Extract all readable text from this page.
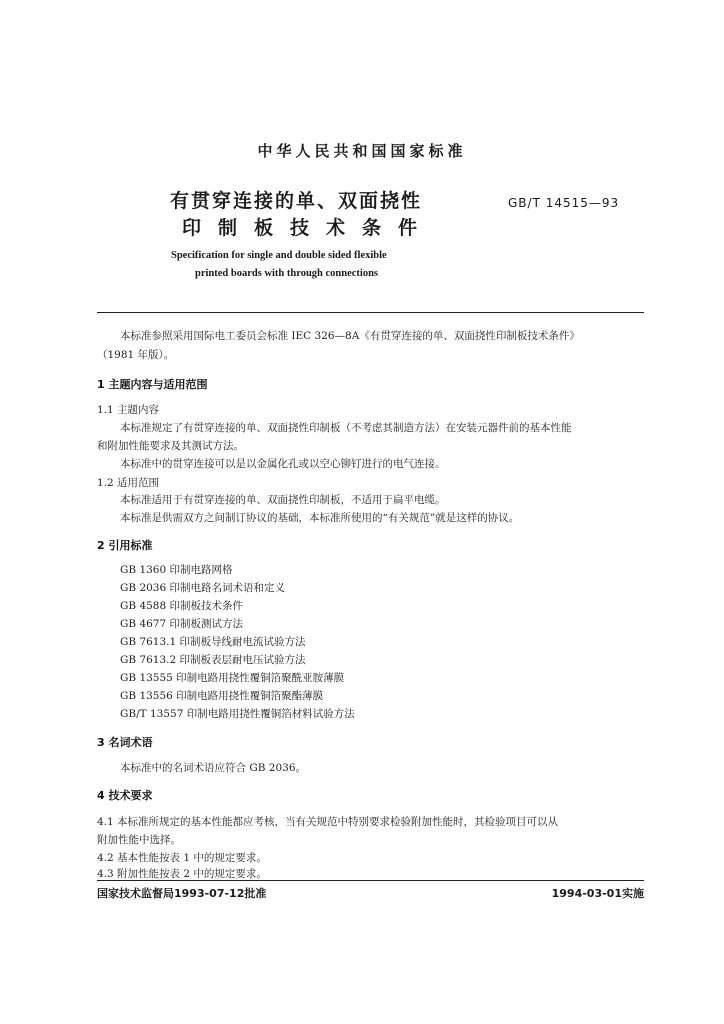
中华人民共和国国家标准
有贯穿连接的单、双面挠性
印制板技术条件
GB/T 14515—93
Specification for single and double sided flexible
printed boards with through connections
本标准参照采用国际电工委员会标准 IEC 326—8A《有贯穿连接的单、双面挠性印制板技术条件》
（1981 年版）。
1 主题内容与适用范围
1.1 主题内容
本标准规定了有贯穿连接的单、双面挠性印制板（不考虑其制造方法）在安装元器件前的基本性能
和附加性能要求及其测试方法。
本标准中的贯穿连接可以是以金属化孔或以空心铆钉进行的电气连接。
1.2 适用范围
本标准适用于有贯穿连接的单、双面挠性印制板，不适用于扁平电缆。
本标准是供需双方之间制订协议的基础，本标准所使用的“有关规范”就是这样的协议。
2 引用标准
GB 1360 印制电路网格
GB 2036 印制电路名词术语和定义
GB 4588 印制板技术条件
GB 4677 印制板测试方法
GB 7613.1 印制板导线耐电流试验方法
GB 7613.2 印制板表层耐电压试验方法
GB 13555 印制电路用挠性覆铜箔聚酰亚胺薄膜
GB 13556 印制电路用挠性覆铜箔聚酯薄膜
GB/T 13557 印制电路用挠性覆铜箔材料试验方法
3 名词术语
本标准中的名词术语应符合 GB 2036。
4 技术要求
4.1 本标准所规定的基本性能都应考核，当有关规范中特别要求检验附加性能时，其检验项目可以从
附加性能中选择。
4.2 基本性能按表 1 中的规定要求。
4.3 附加性能按表 2 中的规定要求。
国家技术监督局1993-07-12批准	1994-03-01实施
